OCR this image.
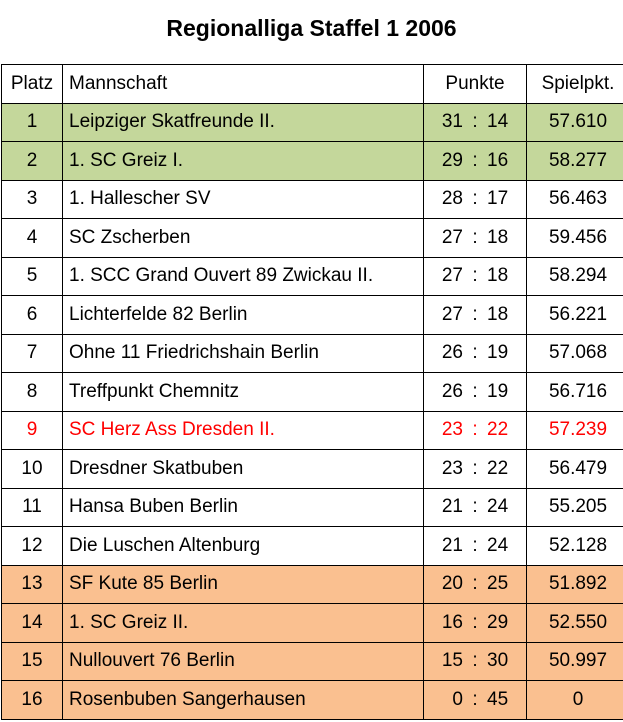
Regionalliga Staffel 1 2006
Platz	Mannschaft	Punkte	Spielpkt.
1	Leipziger Skatfreunde II.	31 : 14	57.610
2	1. SC Greiz I.	29 : 16	58.277
3	1. Hallescher SV	28 : 17	56.463
4	SC Zscherben	27 : 18	59.456
5	1. SCC Grand Ouvert 89 Zwickau II.	27 : 18	58.294
6	Lichterfelde 82 Berlin	27 : 18	56.221
7	Ohne 11 Friedrichshain Berlin	26 : 19	57.068
8	Treffpunkt Chemnitz	26 : 19	56.716
9	SC Herz Ass Dresden II.	23 : 22	57.239
10	Dresdner Skatbuben	23 : 22	56.479
11	Hansa Buben Berlin	21 : 24	55.205
12	Die Luschen Altenburg	21 : 24	52.128
13	SF Kute 85 Berlin	20 : 25	51.892
14	1. SC Greiz II.	16 : 29	52.550
15	Nullouvert 76 Berlin	15 : 30	50.997
16	Rosenbuben Sangerhausen	0 : 45	0
